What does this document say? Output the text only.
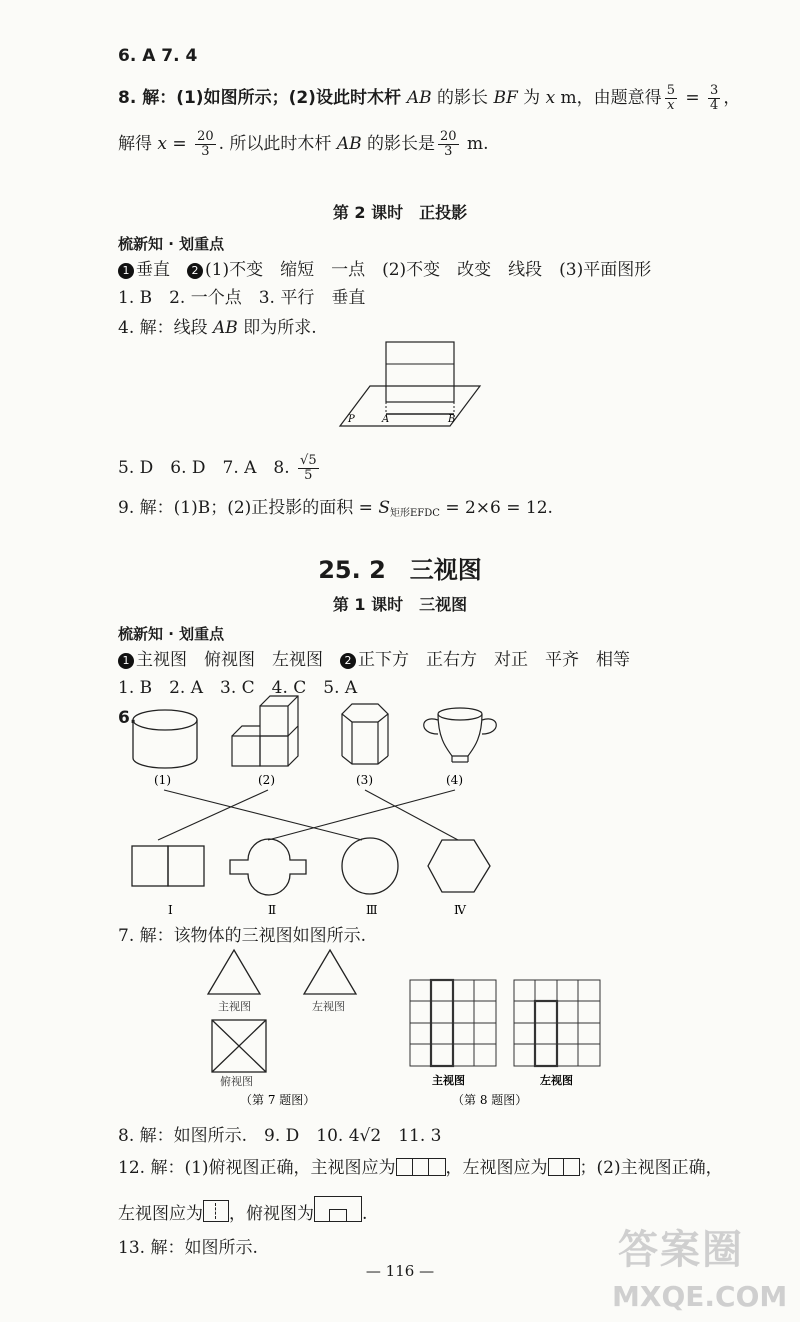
6. A 7. 4
8. 解：(1)如图所示；(2)设此时木杆 AB 的影长 BF 为 x m，由题意得 $\frac{5}{x} = \frac{3}{4}$ ，
解得 $x = \frac{20}{3}$ . 所以此时木杆 AB 的影长是 $\frac{20}{3} m$.
第 2 课时　正投影
梳新知 · 划重点
1 垂直　2 (1)不变　缩短　一点　(2)不变　改变　线段　(3)平面图形
1. B　2. 一个点　3. 平行　垂直
4. 解：线段 AB 即为所求.
A	B
P
5. D　6. D　7. A　8. $\frac{√5}{5}$
9. 解：(1)B；(2)正投影的面积 = $S_{矩形EFDC} = 2\times 6 = 12$.
25. 2　三视图
第 1 课时　三视图
梳新知 · 划重点
1 主视图　俯视图　左视图　2 正下方　正右方　对正　平齐　相等
1. B　2. A　3. C　4. C　5. A
6.
(1)	(2)	(3)	(4)
Ⅰ	Ⅱ	Ⅲ	Ⅳ
7. 解：该物体的三视图如图所示.
主视图	左视图
俯视图
（第 7 题图）
主视图	左视图
（第 8 题图）
8. 解：如图所示.　9. D　10. 4√2　11. 3
12. 解：(1)俯视图正确，主视图应为	，左视图应为 ；(2)主视图正确，
左视图应为 ，俯视图为	.
13. 解：如图所示.
— 116 —	答案圈
MXQE.COM
